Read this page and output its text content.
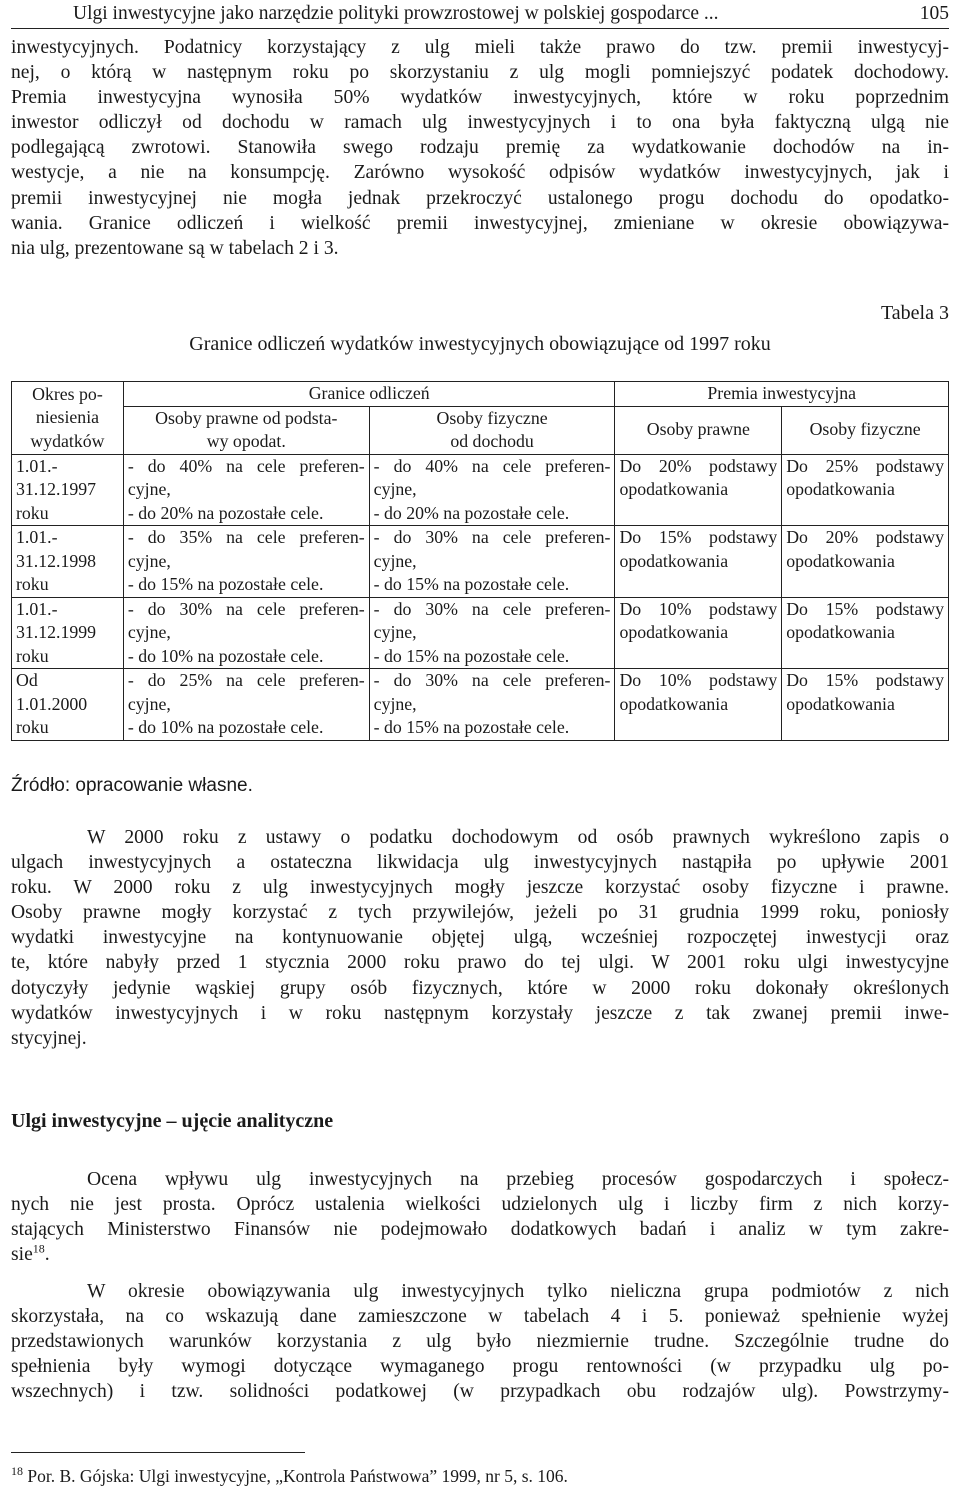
Ulgi inwestycyjne jako narzędzie polityki prowzrostowej w polskiej gospodarce ...	105
inwestycyjnych. Podatnicy korzystający z ulg mieli także prawo do tzw. premii inwestycyj-
nej, o którą w następnym roku po skorzystaniu z ulg mogli pomniejszyć podatek dochodowy.
Premia inwestycyjna wynosiła 50% wydatków inwestycyjnych, które w roku poprzednim
inwestor odliczył od dochodu w ramach ulg inwestycyjnych i to ona była faktyczną ulgą nie
podlegającą zwrotowi. Stanowiła swego rodzaju premię za wydatkowanie dochodów na in-
westycje, a nie na konsumpcję. Zarówno wysokość odpisów wydatków inwestycyjnych, jak i
premii inwestycyjnej nie mogła jednak przekroczyć ustalonego progu dochodu do opodatko-
wania. Granice odliczeń i wielkość premii inwestycyjnej, zmieniane w okresie obowiązywa-
nia ulg, prezentowane są w tabelach 2 i 3.
Tabela 3
Granice odliczeń wydatków inwestycyjnych obowiązujące od 1997 roku
Okres po-
niesienia
wydatków	Granice odliczeń		Premia inwestycyjna	

	Osoby prawne od podsta-
wy opodat.	Osoby fizyczne
od dochodu	Osoby prawne	Osoby fizyczne

1.01.-
31.12.1997
roku	- do 40% na cele preferen-
cyjne,
- do 20% na pozostałe cele.	- do 40% na cele preferen-
cyjne,
- do 20% na pozostałe cele.	Do 20% podstawy
opodatkowania	Do 25% podstawy
opodatkowania

1.01.-
31.12.1998
roku	- do 35% na cele preferen-
cyjne,
- do 15% na pozostałe cele.	- do 30% na cele preferen-
cyjne,
- do 15% na pozostałe cele.	Do 15% podstawy
opodatkowania	Do 20% podstawy
opodatkowania

1.01.-
31.12.1999
roku	- do 30% na cele preferen-
cyjne,
- do 10% na pozostałe cele.	- do 30% na cele preferen-
cyjne,
- do 15% na pozostałe cele.	Do 10% podstawy
opodatkowania	Do 15% podstawy
opodatkowania

Od
1.01.2000
roku	- do 25% na cele preferen-
cyjne,
- do 10% na pozostałe cele.	- do 30% na cele preferen-
cyjne,
- do 15% na pozostałe cele.	Do 10% podstawy
opodatkowania	Do 15% podstawy
opodatkowania
Źródło: opracowanie własne.
W 2000 roku z ustawy o podatku dochodowym od osób prawnych wykreślono zapis o
ulgach inwestycyjnych a ostateczna likwidacja ulg inwestycyjnych nastąpiła po upływie 2001
roku. W 2000 roku z ulg inwestycyjnych mogły jeszcze korzystać osoby fizyczne i prawne.
Osoby prawne mogły korzystać z tych przywilejów, jeżeli po 31 grudnia 1999 roku, poniosły
wydatki inwestycyjne na kontynuowanie objętej ulgą, wcześniej rozpoczętej inwestycji oraz
te, które nabyły przed 1 stycznia 2000 roku prawo do tej ulgi. W 2001 roku ulgi inwestycyjne
dotyczyły jedynie wąskiej grupy osób fizycznych, które w 2000 roku dokonały określonych
wydatków inwestycyjnych i w roku następnym korzystały jeszcze z tak zwanej premii inwe-
stycyjnej.
Ulgi inwestycyjne – ujęcie analityczne
Ocena wpływu ulg inwestycyjnych na przebieg procesów gospodarczych i społecz-
nych nie jest prosta. Oprócz ustalenia wielkości udzielonych ulg i liczby firm z nich korzy-
stających Ministerstwo Finansów nie podejmowało dodatkowych badań i analiz w tym zakre-
sie$^{18}$.
W okresie obowiązywania ulg inwestycyjnych tylko nieliczna grupa podmiotów z nich
skorzystała, na co wskazują dane zamieszczone w tabelach 4 i 5. ponieważ spełnienie wyżej
przedstawionych warunków korzystania z ulg było niezmiernie trudne. Szczególnie trudne do
spełnienia były wymogi dotyczące wymaganego progu rentowności (w przypadku ulg po-
wszechnych) i tzw. solidności podatkowej (w przypadkach obu rodzajów ulg). Powstrzymy-
$^{18}$ Por. B. Gójska: Ulgi inwestycyjne, „Kontrola Państwowa” 1999, nr 5, s. 106.
